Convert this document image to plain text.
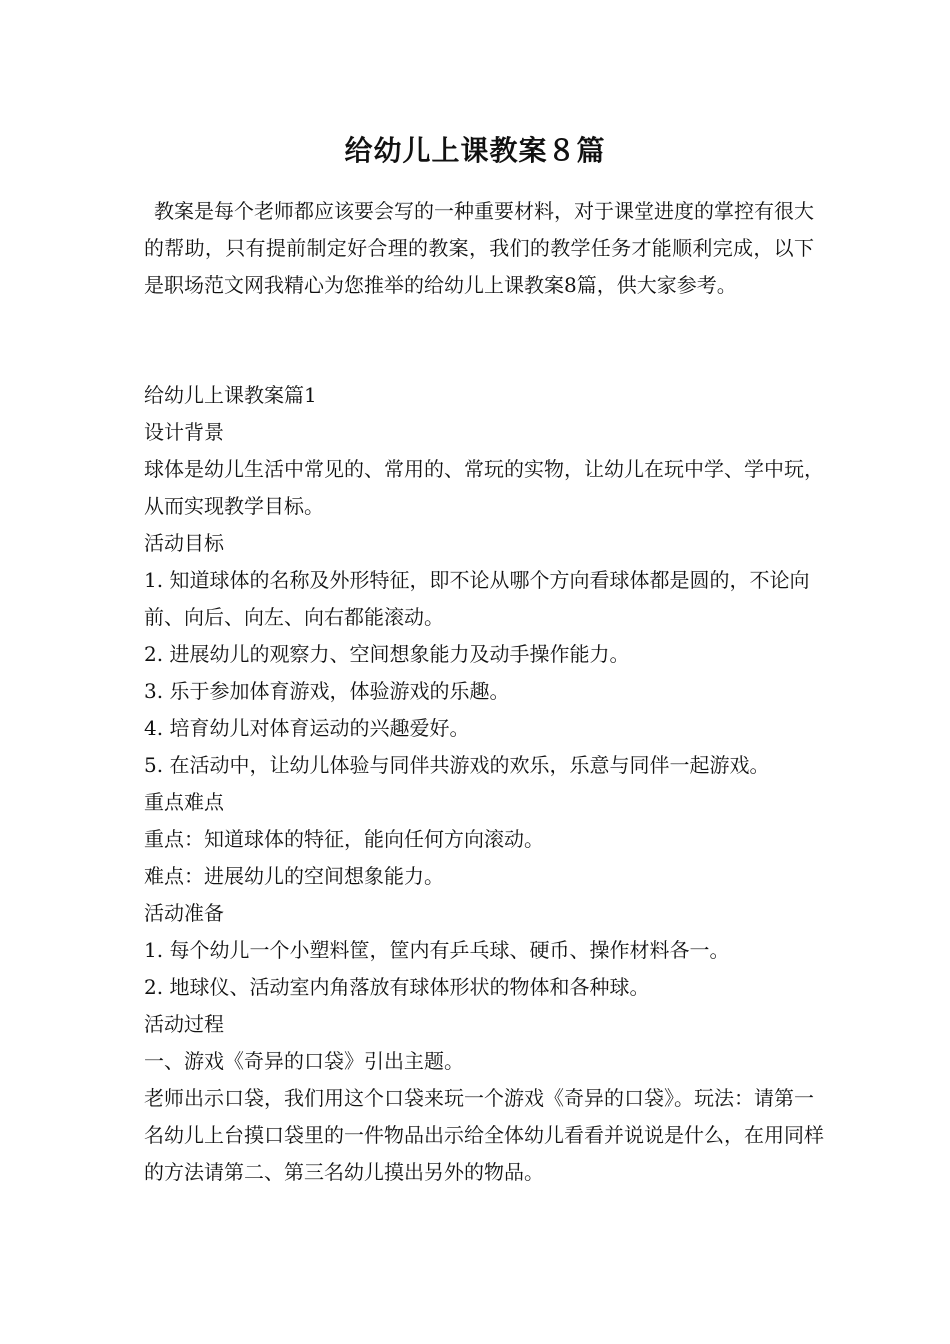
给幼儿上课教案８篇
教案是每个老师都应该要会写的一种重要材料，对于课堂进度的掌控有很大的帮助，只有提前制定好合理的教案，我们的教学任务才能顺利完成，以下是职场范文网我精心为您推举的给幼儿上课教案8篇，供大家参考。

给幼儿上课教案篇1

设计背景

球体是幼儿生活中常见的、常用的、常玩的实物，让幼儿在玩中学、学中玩，从而实现教学目标。

活动目标

1. 知道球体的名称及外形特征，即不论从哪个方向看球体都是圆的，不论向前、向后、向左、向右都能滚动。

2. 进展幼儿的观察力、空间想象能力及动手操作能力。

3. 乐于参加体育游戏，体验游戏的乐趣。

4. 培育幼儿对体育运动的兴趣爱好。

5. 在活动中，让幼儿体验与同伴共游戏的欢乐，乐意与同伴一起游戏。

重点难点

重点：知道球体的特征，能向任何方向滚动。

难点：进展幼儿的空间想象能力。

活动准备

1. 每个幼儿一个小塑料筐，筐内有乒乓球、硬币、操作材料各一。

2. 地球仪、活动室内角落放有球体形状的物体和各种球。

活动过程

一、游戏《奇异的口袋》引出主题。

老师出示口袋，我们用这个口袋来玩一个游戏《奇异的口袋》。玩法：请第一名幼儿上台摸口袋里的一件物品出示给全体幼儿看看并说说是什么，在用同样的方法请第二、第三名幼儿摸出另外的物品。
